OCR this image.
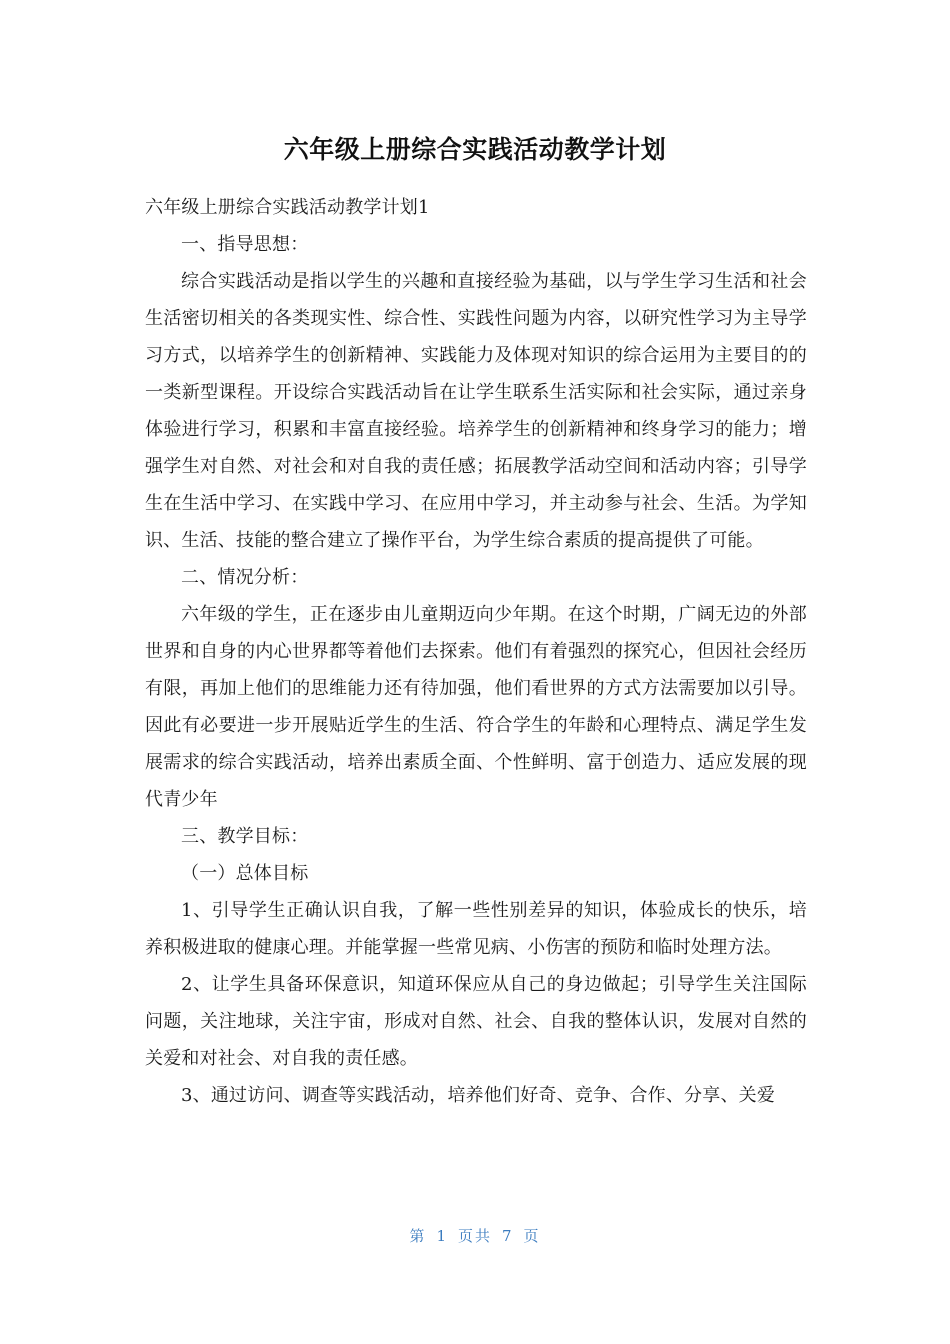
六年级上册综合实践活动教学计划

六年级上册综合实践活动教学计划1

一、指导思想：

综合实践活动是指以学生的兴趣和直接经验为基础，以与学生学习生活和社会生活密切相关的各类现实性、综合性、实践性问题为内容，以研究性学习为主导学习方式，以培养学生的创新精神、实践能力及体现对知识的综合运用为主要目的的一类新型课程。开设综合实践活动旨在让学生联系生活实际和社会实际，通过亲身体验进行学习，积累和丰富直接经验。培养学生的创新精神和终身学习的能力；增强学生对自然、对社会和对自我的责任感；拓展教学活动空间和活动内容；引导学生在生活中学习、在实践中学习、在应用中学习，并主动参与社会、生活。为学知识、生活、技能的整合建立了操作平台，为学生综合素质的提高提供了可能。

二、情况分析：

六年级的学生，正在逐步由儿童期迈向少年期。在这个时期，广阔无边的外部世界和自身的内心世界都等着他们去探索。他们有着强烈的探究心，但因社会经历有限，再加上他们的思维能力还有待加强，他们看世界的方式方法需要加以引导。因此有必要进一步开展贴近学生的生活、符合学生的年龄和心理特点、满足学生发展需求的综合实践活动，培养出素质全面、个性鲜明、富于创造力、适应发展的现代青少年

三、教学目标：

（一）总体目标

1、引导学生正确认识自我，了解一些性别差异的知识，体验成长的快乐，培养积极进取的健康心理。并能掌握一些常见病、小伤害的预防和临时处理方法。

2、让学生具备环保意识，知道环保应从自己的身边做起；引导学生关注国际问题，关注地球，关注宇宙，形成对自然、社会、自我的整体认识，发展对自然的关爱和对社会、对自我的责任感。

3、通过访问、调查等实践活动，培养他们好奇、竞争、合作、分享、关爱

第 1 页共 7 页
